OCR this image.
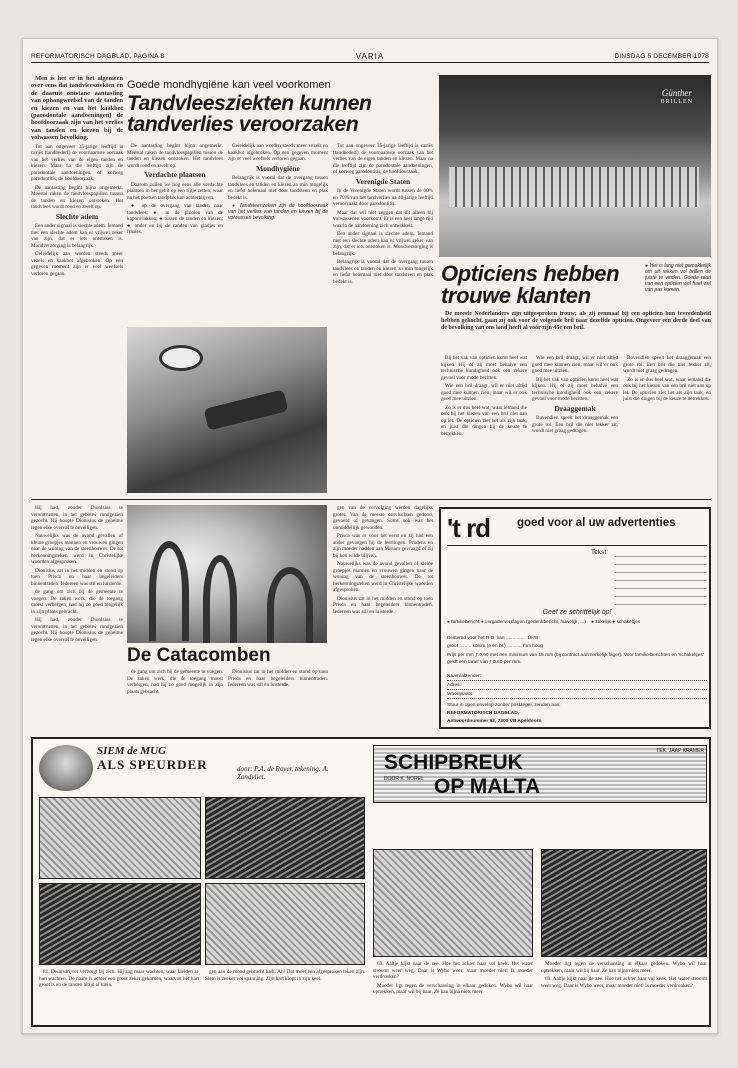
REFORMATORISCH DAGBLAD, PAGINA 8	VARIA	DINSDAG 5 DECEMBER 1978
Goede mondhygiëne kan veel voorkomen
Tandvleesziekten kunnen
tandverlies veroorzaken

Men is het er in het algemeen over eens dat tandvleesziekten en de daaruit ontstane aantasting van ophangweefsel van de tanden en kiezen en van het kaakbot (parodontale aandoeningen) de hoofdoorzaak zijn van het verlies van tanden en kiezen bij de volwassen bevolking.

Tot aan ongeveer 35-jarige leeftijd is cariës (tandbederf) de voornaamste oorzaak van het verlies van de eigen tanden en kiezen. Maar na die leeftijd zijn de parodontale aandoeningen, of korweg parodontitis, de hoofdoorzaak.

De aantasting begint bijna ongemerkt. Meestal raken de tandvleespapillen tussen de tanden en kiezen ontstoken. Het tandvlees wordt rood en zwelt op.

Slechte adem

Een ander signaal is slechte adem. Iemand met een slechte adem kan er vrijwel zeker van zijn, dat er iets ontstoken is. Mondverzorging is belangrijk.

Geleidelijk aan worden steeds meer vezels en kaakbot afgebroken. Op een gegeven moment zijn er veel weefsels verloren gegaan.

De aantasting begint bijna ongemerkt. Meestal raken de tandvleespapillen tussen de tanden en kiezen ontstoken. Het tandvlees wordt rood en zwelt op.

Verdachte plaatsen

Daarom zullen we nog eens alle verdachte plaatsen in het gebit op een rijtje zetten, waar na het poetsen tandplak kan achterblijven.

● op de overgang van tanden naar tandvlees; ● in de plooien van de kaponvlakken; ● tussen de tanden en kiezen; ● onder en bij de randen van gladjes en fraaies.

Geleidelijk aan worden steeds meer vezels en kaakbot afgebroken. Op een gegeven moment zijn er veel weefsels verloren gegaan.

Mondhygiëne

Belangrijk is vooral dat de overgang tussen tandvlees en tanden en kiezen zo min mogelijk en liefst helemaal niet door tandsteen en plak bedekt is.

● Tandsteenzeken zijn de hoofdoorzaak van het verlies van tanden en kiezen bij de volwassen bevolking.

Tot aan ongeveer 35-jarige leeftijd is cariës (tandbederf) de voornaamste oorzaak van het verlies van de eigen tanden en kiezen. Maar na die leeftijd zijn de parodontale aandoeningen, of korweg parodontitis, de hoofdoorzaak.

Verenigde Staten

In de Verenigde Staten wordt tussen de 60% en 70% van het tandverlies na 40-jarige leeftijd veroorzaakt door parodontitis.

Maar dat wil niet zeggen dat dit alleen bij volwassenen voorkomt. Er is een heel lange tijd waarin de aandoening zich ontwikkelt.

Een ander signaal is slechte adem. Iemand met een slechte adem kan er vrijwel zeker van zijn, dat er iets ontstoken is. Mondverzorging is belangrijk.

Belangrijk is vooral dat de overgang tussen tandvlees en tanden en kiezen zo min mogelijk en liefst helemaal niet door tandsteen en plak bedekt is.

Günther
BRILLEN
Opticiens hebben
trouwe klanten
● Het is lang niet gemakkelijk om uit rekken vol brillen de juiste te vinden. Goede raad van een opticien wel heel wel van pas komen.

De meeste Nederlanders zijn uitgesproken trouw; als zij eenmaal bij een opticien hun tevredenheid hebben gekocht, gaan zij ook voor de volgende bril naar dezelfde opticien. Ongeveer een derde deel van de bevolking van ons land heeft al vóór zijn 45e een bril.

Bij het vak van opticien komt heel wat kijken. Hij of zij moet behalve een technische kundigheid ook een zekere gevoel voor mode bezitten.

Wie een bril draagt, wil er niet altijd goed mee kunnen zien, maar wil er ook goed mee uitzien.

Zo is er dus heel wat, waar iemand die ook bij het kiezen van een bril niet aan op let. De opticien ziet het als zijn taak, en juist die dingen bij de keuze te betrekken.

Wie een bril draagt, wil er niet altijd goed mee kunnen zien, maar wil er ook goed mee uitzien.

Bij het vak van opticien komt heel wat kijken. Hij of zij moet behalve een technische kundigheid ook een zekere gevoel voor mode bezitten.

Draaggemak

Bovendien speelt het draaggemak een grote rol. Een bril die niet lekker zit, wordt niet graag gedragen.

Bovendien speelt het draaggemak een grote rol. Een bril die niet lekker zit, wordt niet graag gedragen.

Zo is er dus heel wat, waar iemand die ook bij het kiezen van een bril niet aan op let. De opticien ziet het als zijn taak, en juist die dingen bij de keuze te betrekken.

Hij had, zonder Dionisius te veronttrusten, in het gebouw rondgezien gezocht. Hij hoopte Dionisius de geheime tegen elke overval te beveiligen.

Nauwelijks was de avond gevallen of kleine groepjes mannen en vrouwen gingen naar de woning van de steenhouwer. De tot herkenningsteken werd in Christelijke woorden afgesproken.

Dionisius zat in het midden en stond op toen Prisca en haar begeleiders binnentraden. Iedereen was stil en luisterde.

de gang om zich bij de gemeente te voegen. De zaken werk, die de toegang moest verbergen, had hij zo goed mogelijk in zijn plaats gebracht.

Hij had, zonder Dionisius te veronttrusten, in het gebouw rondgezien gezocht. Hij hoopte Dionisius de geheime tegen elke overval te beveiligen.

De Catacomben

de gang om zich bij de gemeente te voegen. De zaken werk, die de toegang moest verbergen, had hij zo goed mogelijk in zijn plaats gebracht.

Dionisius zat in het midden en stond op toen Prisca en haar begeleiders binnentraden. Iedereen was stil en luisterde.

gen van de vervolging werden dagelijks groter. Van de meeste ontvluchten gedood, gevoeld of gevangen. Soms ook was het onmiddellijk gewonden.

Prisca was er voor het eerst en zij had een ander gevoegen bij de leerlingen. Prudens en zijn moeder hadden aan Miriam gevraagd of zij bij hen wilde blijven.

Nauwelijks was de avond gevallen of kleine groepjes mannen en vrouwen gingen naar de woning van de steenhouwer. De tot herkenningsteken werd in Christelijke woorden afgesproken.

Dionisius zat in het midden en stond op toen Prisca en haar begeleiders binnentraden. Iedereen was stil en luisterde.

't rd	goed voor al uw advertenties
Tekst:
Geef ze schriftelijk op!
● familiebericht ● vergaderverslagen (gedenkbericht, huwelijk, ...) ● zakelijk ● schakeltjes
Bestemd voor het R.D. van ............... 1978
groot ......... kolom (é én bl.) ........... mm hoog
Prijs per mm ƒ 0,60 met een minimum van 15 mm (bij contract aanmerkelijk lager). Voor familie-berichten en 'schakeltjes' geldt een tarief van ƒ 0,50 per mm.
Naam/afzender:
Adres:
Woonplaats:
Stuur in open envelop zonder postzegel, zenden aan:
REFORMATORISCH DAGBLAD,
Antwoordnummer 92, 7300 VB Apeldoorn
SIEM de MUG
ALS SPEURDER	door: P.A. de Rover. tekening: A. Zandvliet.

81. Dwarsdrijver verborgt bij zich. Hij zag maar wachten, waar hielden ze hun wachten. De naam is achter een groot zeker gekomen, waarvan het hart groot is en de randen altijd al klein.

gen aan de mond gebracht hadt. Ah! Dat moet een afgesproken teken zijn. Siem is zeeker vol spanning. Zijn hart klopt in zijn keel.

SCHIPBREUK
OP MALTA
DOOR K. NOREL
TEK. JAAP KRAMER

69. Aaltje kijkt naar de zee. Hoe het achter haar vol keek. Het water stroomt weer weg. Daar is Wybo weer, maar moeder niet! Is moeder verdronken?

Moeder ligt tegen de verschansing in elkaar gedoken. Wybo wil haar optrekken, maar wil bij haar. Ze kan bijna niets meer.

Moeder ligt tegen de verschansing in elkaar gedoken. Wybo wil haar optrekken, maar wil bij haar. Ze kan bijna niets meer.

69. Aaltje kijkt naar de zee. Hoe het achter haar vol keek. Het water stroomt weer weg. Daar is Wybo weer, maar moeder niet! Is moeder verdronken?
